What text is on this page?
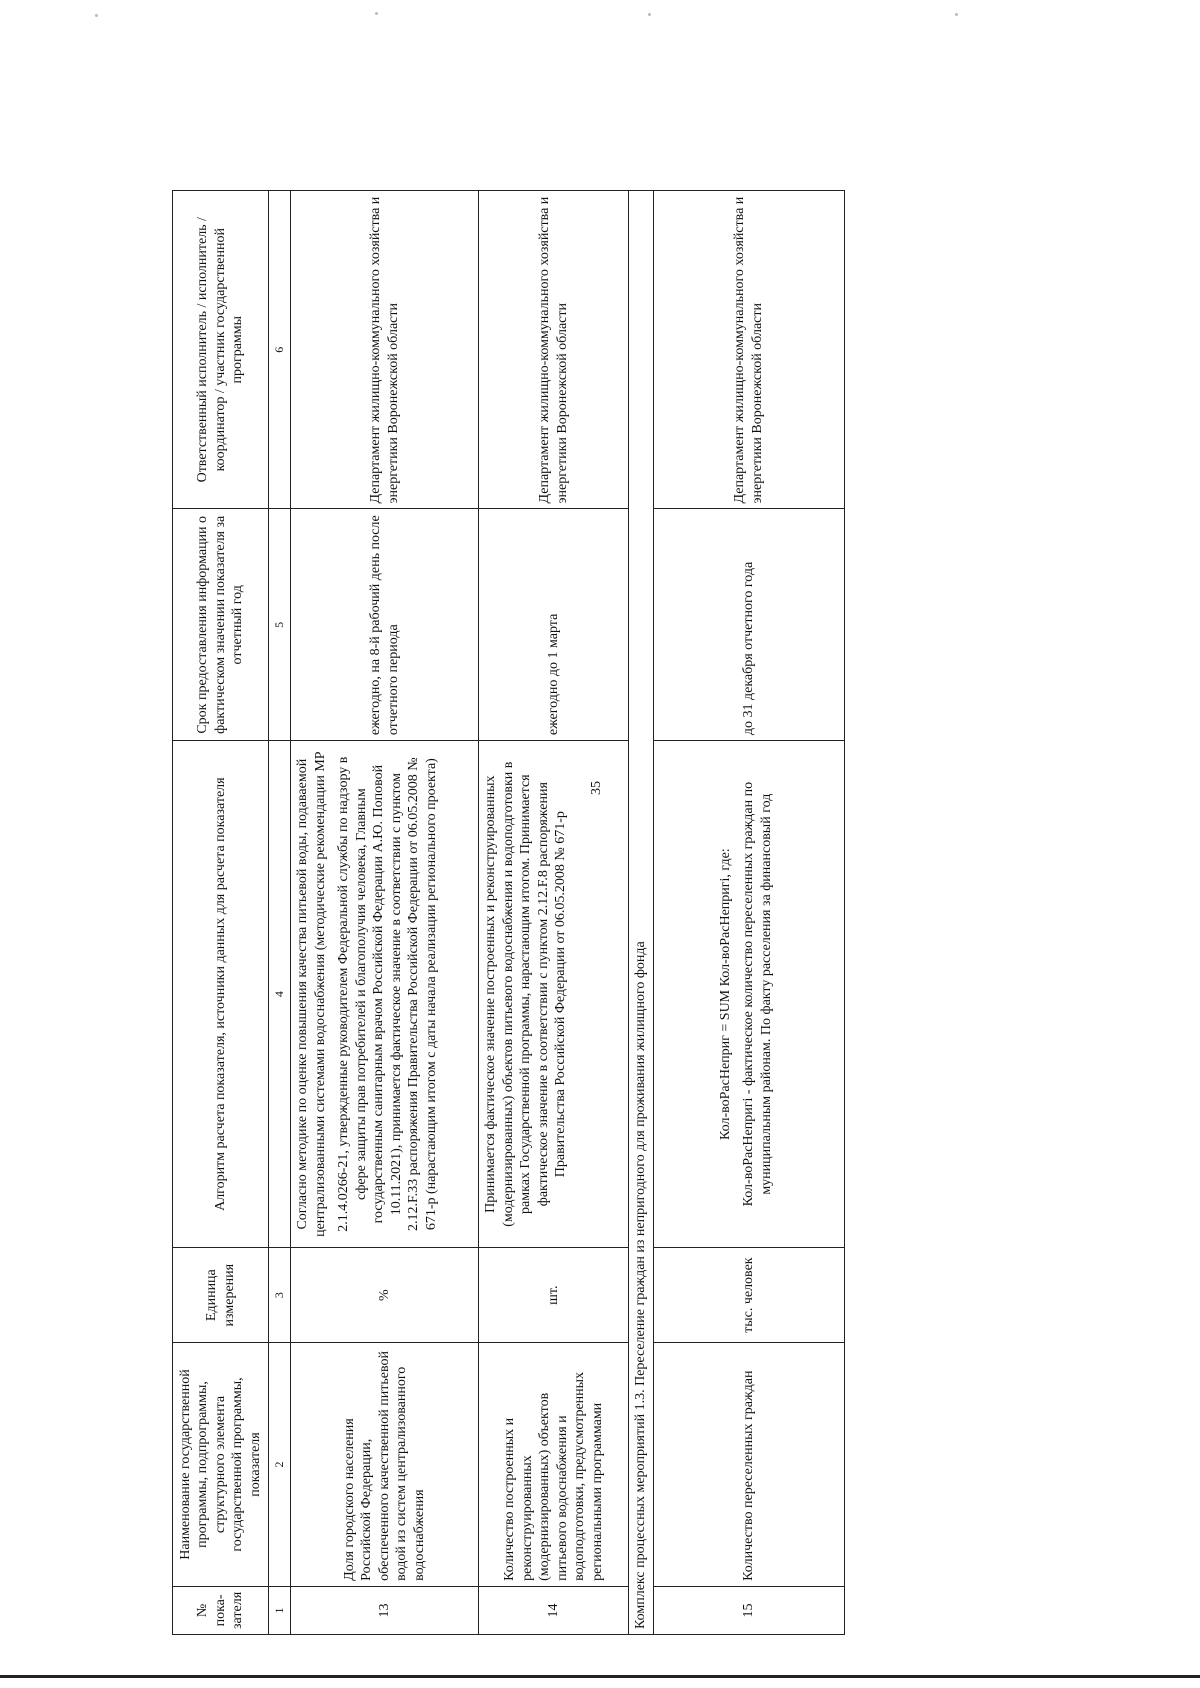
35
№ пока-зателя	Наименование государственной программы, подпрограммы, структурного элемента государственной программы, показателя	Единица измерения	Алгоритм расчета показателя, источники данных для расчета показателя	Срок предоставления информации о фактическом значении показателя за отчетный год	Ответственный исполнитель / исполнитель / координатор / участник государственной программы
1	2	3	4	5	6
13	Доля городского населения Российской Федерации, обеспеченного качественной питьевой водой из систем централизованного водоснабжения	%	Согласно методике по оценке повышения качества питьевой воды, подаваемой централизованными системами водоснабжения (методические рекомендации МР 2.1.4.0266-21, утвержденные руководителем Федеральной службы по надзору в сфере защиты прав потребителей и благополучия человека, Главным государственным санитарным врачом Российской Федерации А.Ю. Поповой 10.11.2021), принимается фактическое значение в соответствии с пунктом 2.12.F.33 распоряжения Правительства Российской Федерации от 06.05.2008 № 671-р (нарастающим итогом с даты начала реализации регионального проекта)	ежегодно, на 8-й рабочий день после отчетного периода	Департамент жилищно-коммунального хозяйства и энергетики Воронежской области
14	Количество построенных и реконструированных (модернизированных) объектов питьевого водоснабжения и водоподготовки, предусмотренных региональными программами	шт.	Принимается фактическое значение построенных и реконструированных (модернизированных) объектов питьевого водоснабжения и водоподготовки в рамках Государственной программы, нарастающим итогом. Принимается фактическое значение в соответствии с пунктом 2.12.F.8 распоряжения Правительства Российской Федерации от 06.05.2008 № 671-р	ежегодно до 1 марта	Департамент жилищно-коммунального хозяйства и энергетики Воронежской области
Комплекс процессных мероприятий 1.3. Переселение граждан из непригодного для проживания жилищного фонда					
15	Количество переселенных граждан	тыс. человек	Кол-воРасНеприг = SUM Кол-воРасНепригi, где: Кол-воРасНепригi - фактическое количество переселенных граждан по муниципальным районам. По факту расселения за финансовый год	до 31 декабря отчетного года	Департамент жилищно-коммунального хозяйства и энергетики Воронежской области
